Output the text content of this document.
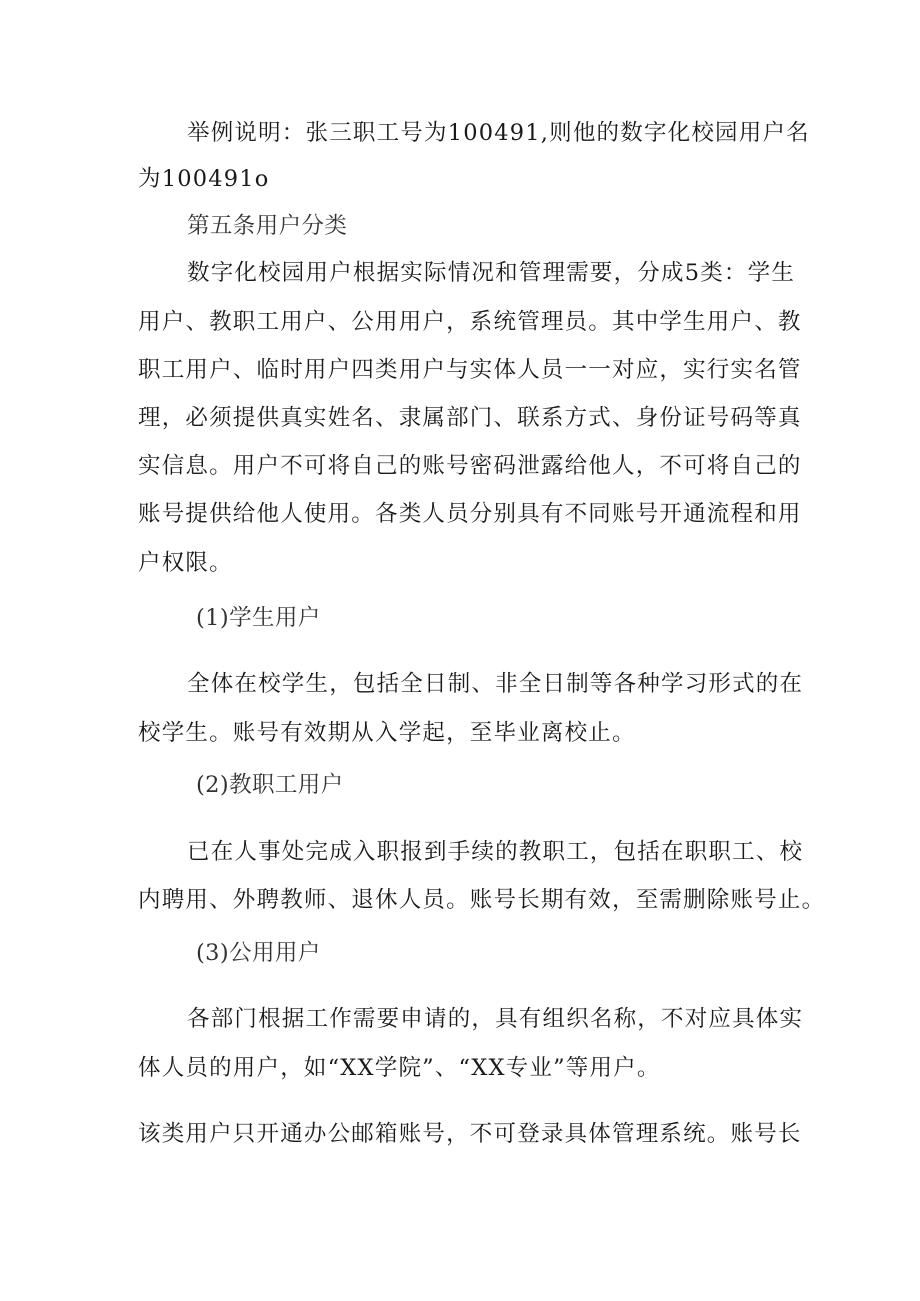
举例说明：张三职工号为100491,则他的数字化校园用户名
为100491o
第五条用户分类
数字化校园用户根据实际情况和管理需要，分成5类：学生
用户、教职工用户、公用用户，系统管理员。其中学生用户、教
职工用户、临时用户四类用户与实体人员一一对应，实行实名管
理，必须提供真实姓名、隶属部门、联系方式、身份证号码等真
实信息。用户不可将自己的账号密码泄露给他人，不可将自己的
账号提供给他人使用。各类人员分别具有不同账号开通流程和用
户权限。
(1)学生用户
全体在校学生，包括全日制、非全日制等各种学习形式的在
校学生。账号有效期从入学起，至毕业离校止。
(2)教职工用户
已在人事处完成入职报到手续的教职工，包括在职职工、校
内聘用、外聘教师、退休人员。账号长期有效，至需删除账号止。
(3)公用用户
各部门根据工作需要申请的，具有组织名称，不对应具体实
体人员的用户，如“XX学院”、“XX专业”等用户。
该类用户只开通办公邮箱账号，不可登录具体管理系统。账号长
